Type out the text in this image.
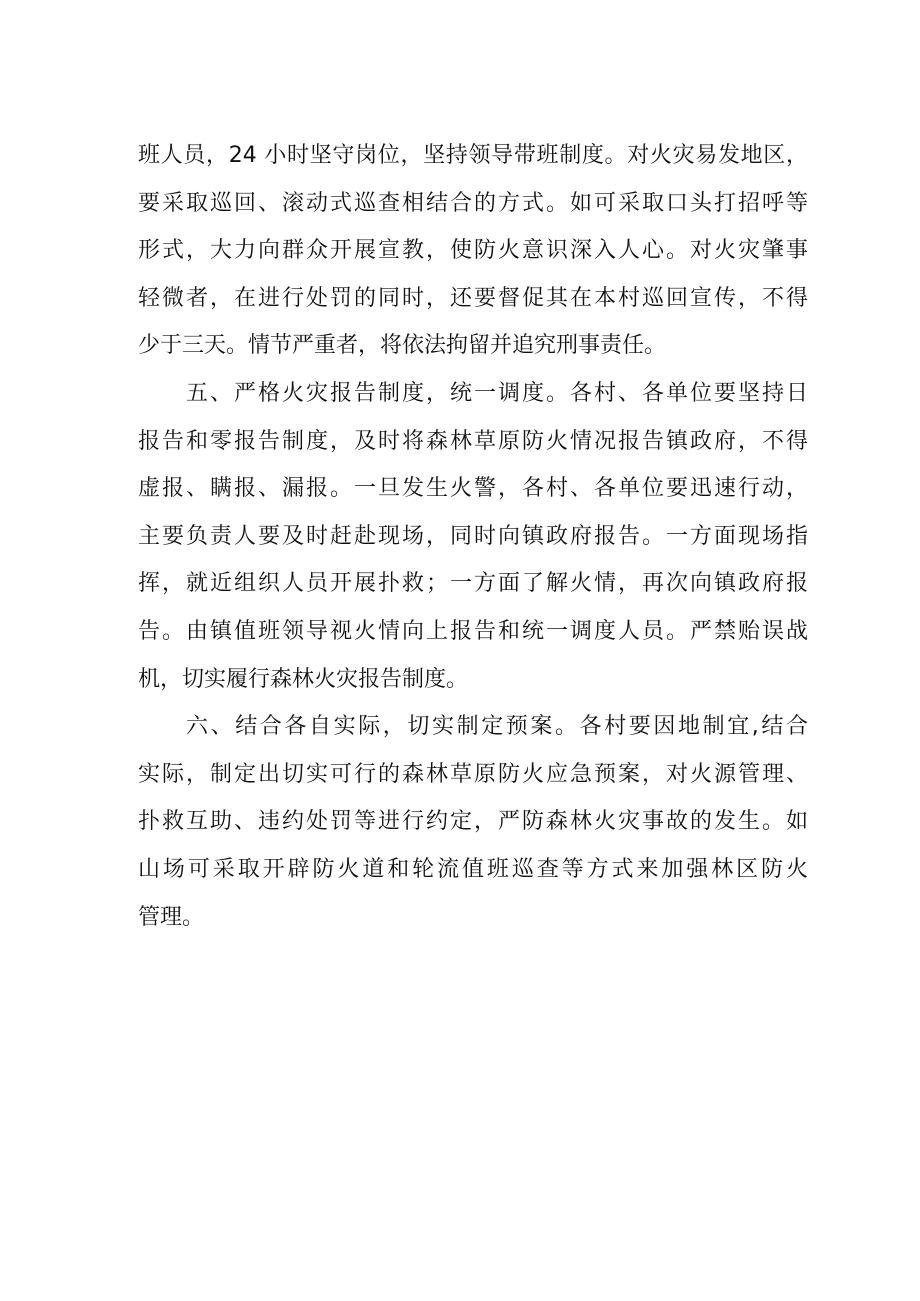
班人员，24 小时坚守岗位，坚持领导带班制度。对火灾易发地区，
要采取巡回、滚动式巡查相结合的方式。如可采取口头打招呼等
形式，大力向群众开展宣教，使防火意识深入人心。对火灾肇事
轻微者，在进行处罚的同时，还要督促其在本村巡回宣传，不得
少于三天。情节严重者，将依法拘留并追究刑事责任。
五、严格火灾报告制度，统一调度。各村、各单位要坚持日
报告和零报告制度，及时将森林草原防火情况报告镇政府，不得
虚报、瞒报、漏报。一旦发生火警，各村、各单位要迅速行动，
主要负责人要及时赶赴现场，同时向镇政府报告。一方面现场指
挥，就近组织人员开展扑救；一方面了解火情，再次向镇政府报
告。由镇值班领导视火情向上报告和统一调度人员。严禁贻误战
机，切实履行森林火灾报告制度。
六、结合各自实际，切实制定预案。各村要因地制宜,结合
实际，制定出切实可行的森林草原防火应急预案，对火源管理、
扑救互助、违约处罚等进行约定，严防森林火灾事故的发生。如
山场可采取开辟防火道和轮流值班巡查等方式来加强林区防火
管理。
